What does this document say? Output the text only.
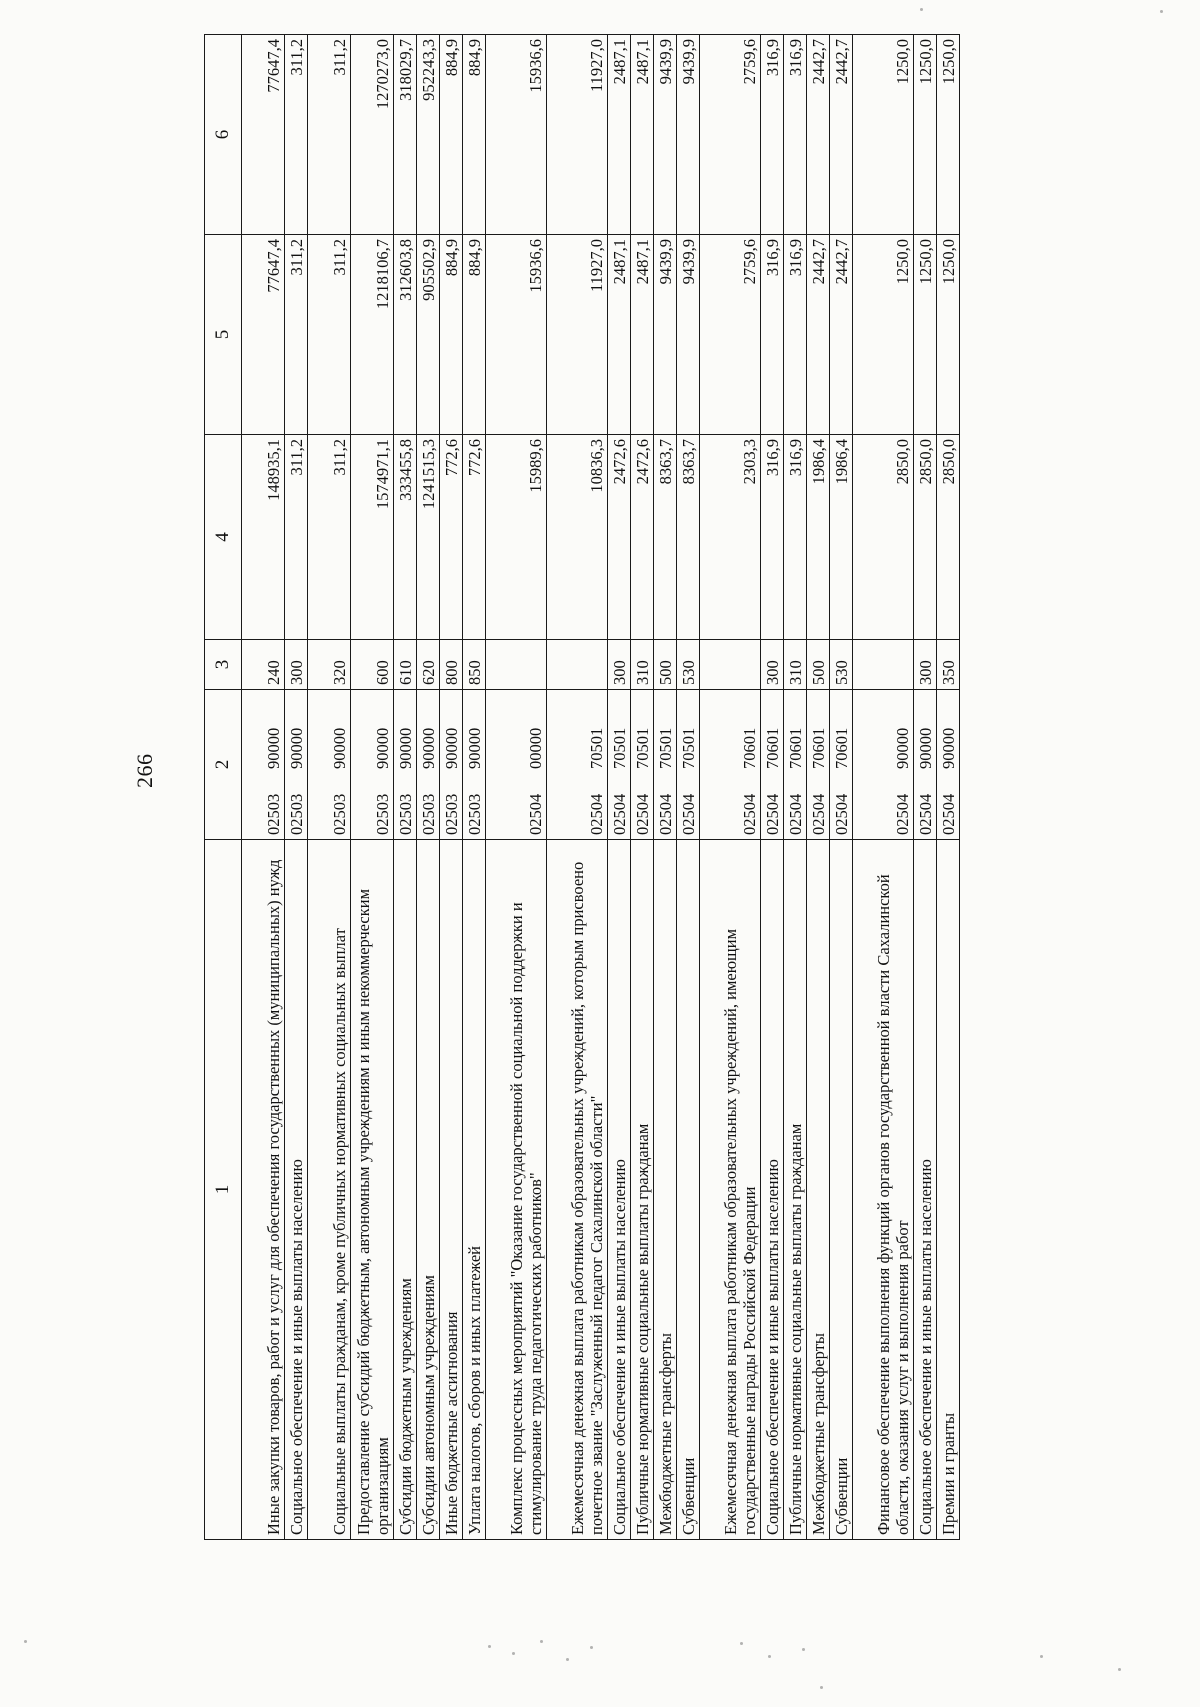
266
1	2	3	4	5	6
Иные закупки товаров, работ и услуг для обеспечения государственных (муниципальных) нужд	0250390000	240	148935,1	77647,4	77647,4
Социальное обеспечение и иные выплаты населению	0250390000	300	311,2	311,2	311,2
Социальные выплаты гражданам, кроме публичных нормативных социальных выплат	0250390000	320	311,2	311,2	311,2
Предоставление субсидий бюджетным, автономным учреждениям и иным некоммерческим организациям	0250390000	600	1574971,1	1218106,7	1270273,0
Субсидии бюджетным учреждениям	0250390000	610	333455,8	312603,8	318029,7
Субсидии автономным учреждениям	0250390000	620	1241515,3	905502,9	952243,3
Иные бюджетные ассигнования	0250390000	800	772,6	884,9	884,9
Уплата налогов, сборов и иных платежей	0250390000	850	772,6	884,9	884,9
Комплекс процессных мероприятий "Оказание государственной социальной поддержки и стимулирование труда педагогических работников"	0250400000		15989,6	15936,6	15936,6
Ежемесячная денежная выплата работникам образовательных учреждений, которым присвоено почетное звание "Заслуженный педагог Сахалинской области"	0250470501		10836,3	11927,0	11927,0
Социальное обеспечение и иные выплаты населению	0250470501	300	2472,6	2487,1	2487,1
Публичные нормативные социальные выплаты гражданам	0250470501	310	2472,6	2487,1	2487,1
Межбюджетные трансферты	0250470501	500	8363,7	9439,9	9439,9
Субвенции	0250470501	530	8363,7	9439,9	9439,9
Ежемесячная денежная выплата работникам образовательных учреждений, имеющим государственные награды Российской Федерации	0250470601		2303,3	2759,6	2759,6
Социальное обеспечение и иные выплаты населению	0250470601	300	316,9	316,9	316,9
Публичные нормативные социальные выплаты гражданам	0250470601	310	316,9	316,9	316,9
Межбюджетные трансферты	0250470601	500	1986,4	2442,7	2442,7
Субвенции	0250470601	530	1986,4	2442,7	2442,7
Финансовое обеспечение выполнения функций органов государственной власти Сахалинской области, оказания услуг и выполнения работ	0250490000		2850,0	1250,0	1250,0
Социальное обеспечение и иные выплаты населению	0250490000	300	2850,0	1250,0	1250,0
Премии и гранты	0250490000	350	2850,0	1250,0	1250,0
